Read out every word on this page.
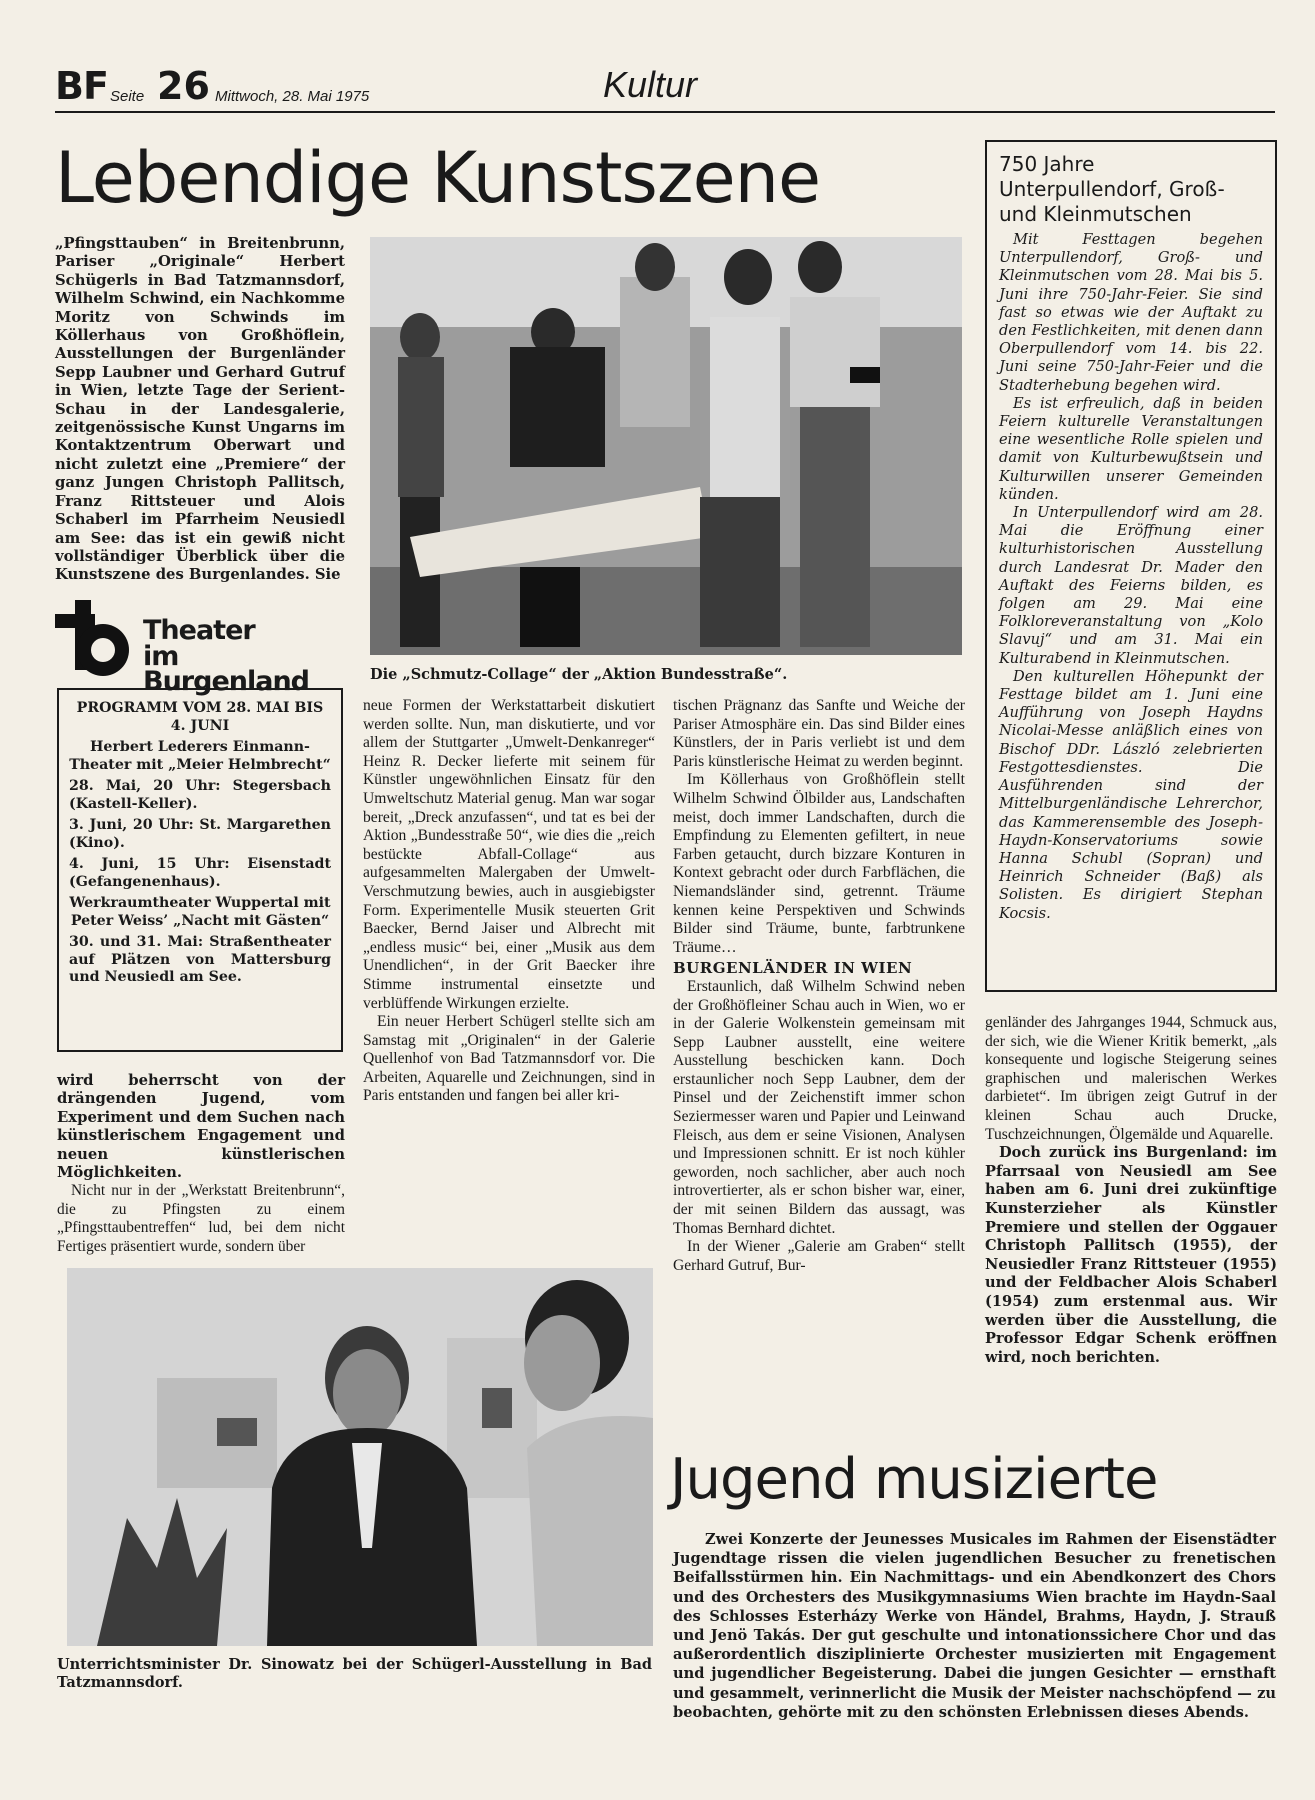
BF Seite 26 Mittwoch, 28. Mai 1975	Kultur
Lebendige Kunstszene
„Pfingsttauben“ in Breitenbrunn, Pariser „Originale“ Herbert Schügerls in Bad Tatzmannsdorf, Wilhelm Schwind, ein Nachkomme Moritz von Schwinds im Köllerhaus von Großhöflein, Ausstellungen der Burgenländer Sepp Laubner und Gerhard Gutruf in Wien, letzte Tage der Serient-Schau in der Landesgalerie, zeitgenössische Kunst Ungarns im Kontaktzentrum Oberwart und nicht zuletzt eine „Premiere“ der ganz Jungen Christoph Pallitsch, Franz Rittsteuer und Alois Schaberl im Pfarrheim Neusiedl am See: das ist ein gewiß nicht vollständiger Überblick über die Kunstszene des Burgenlandes. Sie
Die „Schmutz-Collage“ der „Aktion Bundesstraße“.
Theater
im Burgenland

PROGRAMM VOM 28. MAI BIS 4. JUNI

Herbert Lederers Einmann-Theater mit „Meier Helmbrecht“

28. Mai, 20 Uhr: Stegersbach (Kastell-Keller).

3. Juni, 20 Uhr: St. Margarethen (Kino).

4. Juni, 15 Uhr: Eisenstadt (Gefangenenhaus).

Werkraumtheater Wuppertal mit Peter Weiss’ „Nacht mit Gästen“

30. und 31. Mai: Straßentheater auf Plätzen von Mattersburg und Neusiedl am See.

wird beherrscht von der drängenden Jugend, vom Experiment und dem Suchen nach künstlerischem Engagement und neuen künstlerischen Möglichkeiten.

Nicht nur in der „Werkstatt Breitenbrunn“, die zu Pfingsten zu einem „Pfingsttaubentreffen“ lud, bei dem nicht Fertiges präsentiert wurde, sondern über

neue Formen der Werkstattarbeit diskutiert werden sollte. Nun, man diskutierte, und vor allem der Stuttgarter „Umwelt-Denkanreger“ Heinz R. Decker lieferte mit seinem für Künstler ungewöhnlichen Einsatz für den Umweltschutz Material genug. Man war sogar bereit, „Dreck anzufassen“, und tat es bei der Aktion „Bundesstraße 50“, wie dies die „reich bestückte Abfall-Collage“ aus aufgesammelten Malergaben der Umwelt-Verschmutzung bewies, auch in ausgiebigster Form. Experimentelle Musik steuerten Grit Baecker, Bernd Jaiser und Albrecht mit „endless music“ bei, einer „Musik aus dem Unendlichen“, in der Grit Baecker ihre Stimme instrumental einsetzte und verblüffende Wirkungen erzielte.

Ein neuer Herbert Schügerl stellte sich am Samstag mit „Originalen“ in der Galerie Quellenhof von Bad Tatzmannsdorf vor. Die Arbeiten, Aquarelle und Zeichnungen, sind in Paris entstanden und fangen bei aller kri-

tischen Prägnanz das Sanfte und Weiche der Pariser Atmosphäre ein. Das sind Bilder eines Künstlers, der in Paris verliebt ist und dem Paris künstlerische Heimat zu werden beginnt.

Im Köllerhaus von Großhöflein stellt Wilhelm Schwind Ölbilder aus, Landschaften meist, doch immer Landschaften, durch die Empfindung zu Elementen gefiltert, in neue Farben getaucht, durch bizzare Konturen in Kontext gebracht oder durch Farbflächen, die Niemandsländer sind, getrennt. Träume kennen keine Perspektiven und Schwinds Bilder sind Träume, bunte, farbtrunkene Träume…

BURGENLÄNDER IN WIEN

Erstaunlich, daß Wilhelm Schwind neben der Großhöfleiner Schau auch in Wien, wo er in der Galerie Wolkenstein gemeinsam mit Sepp Laubner ausstellt, eine weitere Ausstellung beschicken kann. Doch erstaunlicher noch Sepp Laubner, dem der Pinsel und der Zeichenstift immer schon Seziermesser waren und Papier und Leinwand Fleisch, aus dem er seine Visionen, Analysen und Impressionen schnitt. Er ist noch kühler geworden, noch sachlicher, aber auch noch introvertierter, als er schon bisher war, einer, der mit seinen Bildern das aussagt, was Thomas Bernhard dichtet.

In der Wiener „Galerie am Graben“ stellt Gerhard Gutruf, Bur-

750 Jahre Unterpullendorf, Groß- und Kleinmutschen

Mit Festtagen begehen Unterpullendorf, Groß- und Kleinmutschen vom 28. Mai bis 5. Juni ihre 750-Jahr-Feier. Sie sind fast so etwas wie der Auftakt zu den Festlichkeiten, mit denen dann Oberpullendorf vom 14. bis 22. Juni seine 750-Jahr-Feier und die Stadterhebung begehen wird.

Es ist erfreulich, daß in beiden Feiern kulturelle Veranstaltungen eine wesentliche Rolle spielen und damit von Kulturbewußtsein und Kulturwillen unserer Gemeinden künden.

In Unterpullendorf wird am 28. Mai die Eröffnung einer kulturhistorischen Ausstellung durch Landesrat Dr. Mader den Auftakt des Feierns bilden, es folgen am 29. Mai eine Folkloreveranstaltung von „Kolo Slavuj“ und am 31. Mai ein Kulturabend in Kleinmutschen.

Den kulturellen Höhepunkt der Festtage bildet am 1. Juni eine Aufführung von Joseph Haydns Nicolai-Messe anläßlich eines von Bischof DDr. László zelebrierten Festgottesdienstes. Die Ausführenden sind der Mittelburgenländische Lehrerchor, das Kammerensemble des Joseph-Haydn-Konservatoriums sowie Hanna Schubl (Sopran) und Heinrich Schneider (Baß) als Solisten. Es dirigiert Stephan Kocsis.

genländer des Jahrganges 1944, Schmuck aus, der sich, wie die Wiener Kritik bemerkt, „als konsequente und logische Steigerung seines graphischen und malerischen Werkes darbietet“. Im übrigen zeigt Gutruf in der kleinen Schau auch Drucke, Tuschzeichnungen, Ölgemälde und Aquarelle.

Doch zurück ins Burgenland: im Pfarrsaal von Neusiedl am See haben am 6. Juni drei zukünftige Kunsterzieher als Künstler Premiere und stellen der Oggauer Christoph Pallitsch (1955), der Neusiedler Franz Rittsteuer (1955) und der Feldbacher Alois Schaberl (1954) zum erstenmal aus. Wir werden über die Ausstellung, die Professor Edgar Schenk eröffnen wird, noch berichten.

Unterrichtsminister Dr. Sinowatz bei der Schügerl-Ausstellung in Bad Tatzmannsdorf.
Jugend musizierte
Zwei Konzerte der Jeunesses Musicales im Rahmen der Eisenstädter Jugendtage rissen die vielen jugendlichen Besucher zu frenetischen Beifallsstürmen hin. Ein Nachmittags- und ein Abendkonzert des Chors und des Orchesters des Musikgymnasiums Wien brachte im Haydn-Saal des Schlosses Esterházy Werke von Händel, Brahms, Haydn, J. Strauß und Jenö Takás. Der gut geschulte und intonationssichere Chor und das außerordentlich disziplinierte Orchester musizierten mit Engagement und jugendlicher Begeisterung. Dabei die jungen Gesichter — ernsthaft und gesammelt, verinnerlicht die Musik der Meister nachschöpfend — zu beobachten, gehörte mit zu den schönsten Erlebnissen dieses Abends.
